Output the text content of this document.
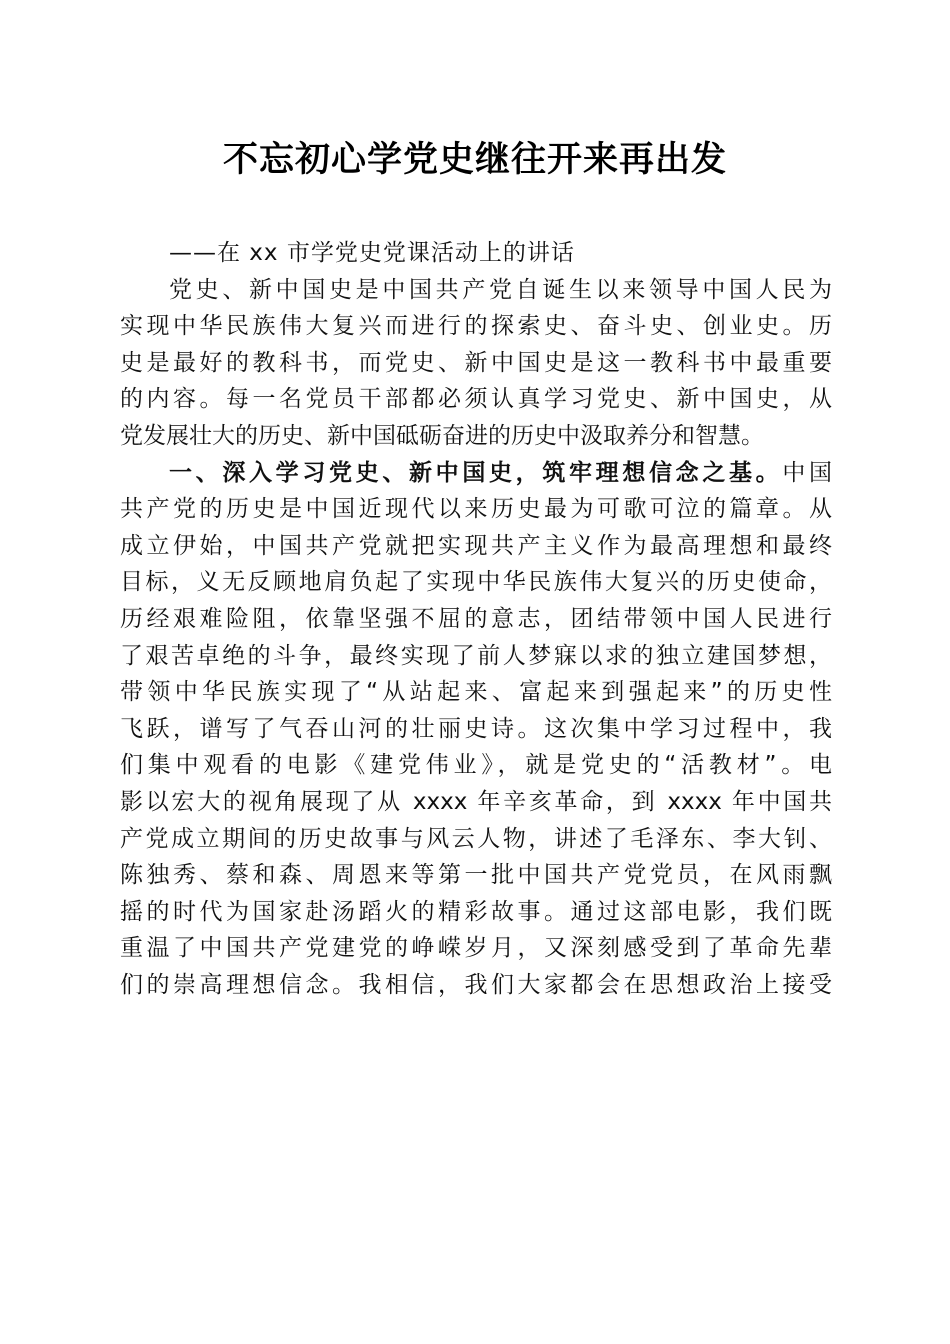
不忘初心学党史继往开来再出发
——在 xx 市学党史党课活动上的讲话
党史、新中国史是中国共产党自诞生以来领导中国人民为
实现中华民族伟大复兴而进行的探索史、奋斗史、创业史。历
史是最好的教科书，而党史、新中国史是这一教科书中最重要
的内容。每一名党员干部都必须认真学习党史、新中国史，从
党发展壮大的历史、新中国砥砺奋进的历史中汲取养分和智慧。
一、深入学习党史、新中国史，筑牢理想信念之基。中国
共产党的历史是中国近现代以来历史最为可歌可泣的篇章。从
成立伊始，中国共产党就把实现共产主义作为最高理想和最终
目标，义无反顾地肩负起了实现中华民族伟大复兴的历史使命，
历经艰难险阻，依靠坚强不屈的意志，团结带领中国人民进行
了艰苦卓绝的斗争，最终实现了前人梦寐以求的独立建国梦想，
带领中华民族实现了“从站起来、富起来到强起来”的历史性
飞跃，谱写了气吞山河的壮丽史诗。这次集中学习过程中，我
们集中观看的电影《建党伟业》，就是党史的“活教材”。电
影以宏大的视角展现了从 xxxx 年辛亥革命，到 xxxx 年中国共
产党成立期间的历史故事与风云人物，讲述了毛泽东、李大钊、
陈独秀、蔡和森、周恩来等第一批中国共产党党员，在风雨飘
摇的时代为国家赴汤蹈火的精彩故事。通过这部电影，我们既
重温了中国共产党建党的峥嵘岁月，又深刻感受到了革命先辈
们的崇高理想信念。我相信，我们大家都会在思想政治上接受
